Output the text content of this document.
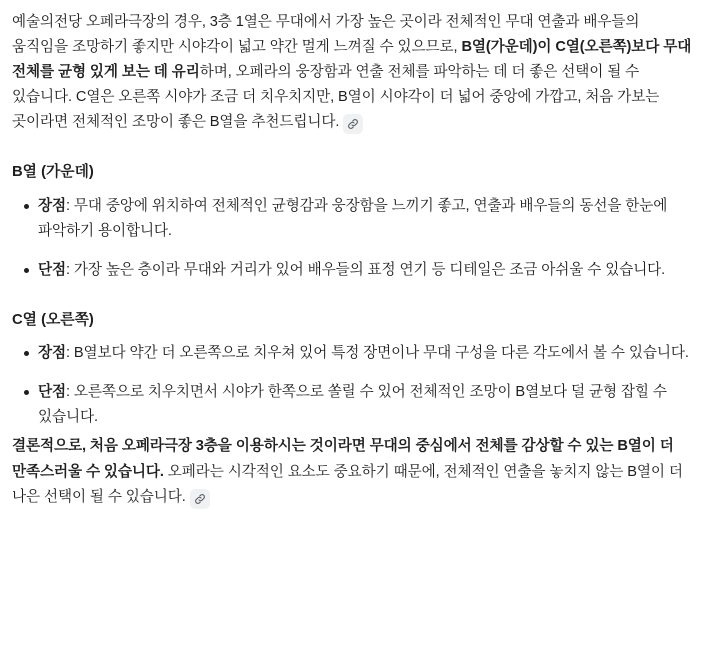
예술의전당 오페라극장의 경우, 3층 1열은 무대에서 가장 높은 곳이라 전체적인 무대 연출과 배우들의 움직임을 조망하기 좋지만 시야각이 넓고 약간 멀게 느껴질 수 있으므로, B열(가운데)이 C열(오른쪽)보다 무대 전체를 균형 있게 보는 데 유리하며, 오페라의 웅장함과 연출 전체를 파악하는 데 더 좋은 선택이 될 수 있습니다. C열은 오른쪽 시야가 조금 더 치우치지만, B열이 시야각이 더 넓어 중앙에 가깝고, 처음 가보는 곳이라면 전체적인 조망이 좋은 B열을 추천드립니다.

B열 (가운데)
장점: 무대 중앙에 위치하여 전체적인 균형감과 웅장함을 느끼기 좋고, 연출과 배우들의 동선을 한눈에 파악하기 용이합니다.
단점: 가장 높은 층이라 무대와 거리가 있어 배우들의 표정 연기 등 디테일은 조금 아쉬울 수 있습니다.
C열 (오른쪽)
장점: B열보다 약간 더 오른쪽으로 치우쳐 있어 특정 장면이나 무대 구성을 다른 각도에서 볼 수 있습니다.
단점: 오른쪽으로 치우치면서 시야가 한쪽으로 쏠릴 수 있어 전체적인 조망이 B열보다 덜 균형 잡힐 수 있습니다.

결론적으로, 처음 오페라극장 3층을 이용하시는 것이라면 무대의 중심에서 전체를 감상할 수 있는 B열이 더 만족스러울 수 있습니다. 오페라는 시각적인 요소도 중요하기 때문에, 전체적인 연출을 놓치지 않는 B열이 더 나은 선택이 될 수 있습니다.
